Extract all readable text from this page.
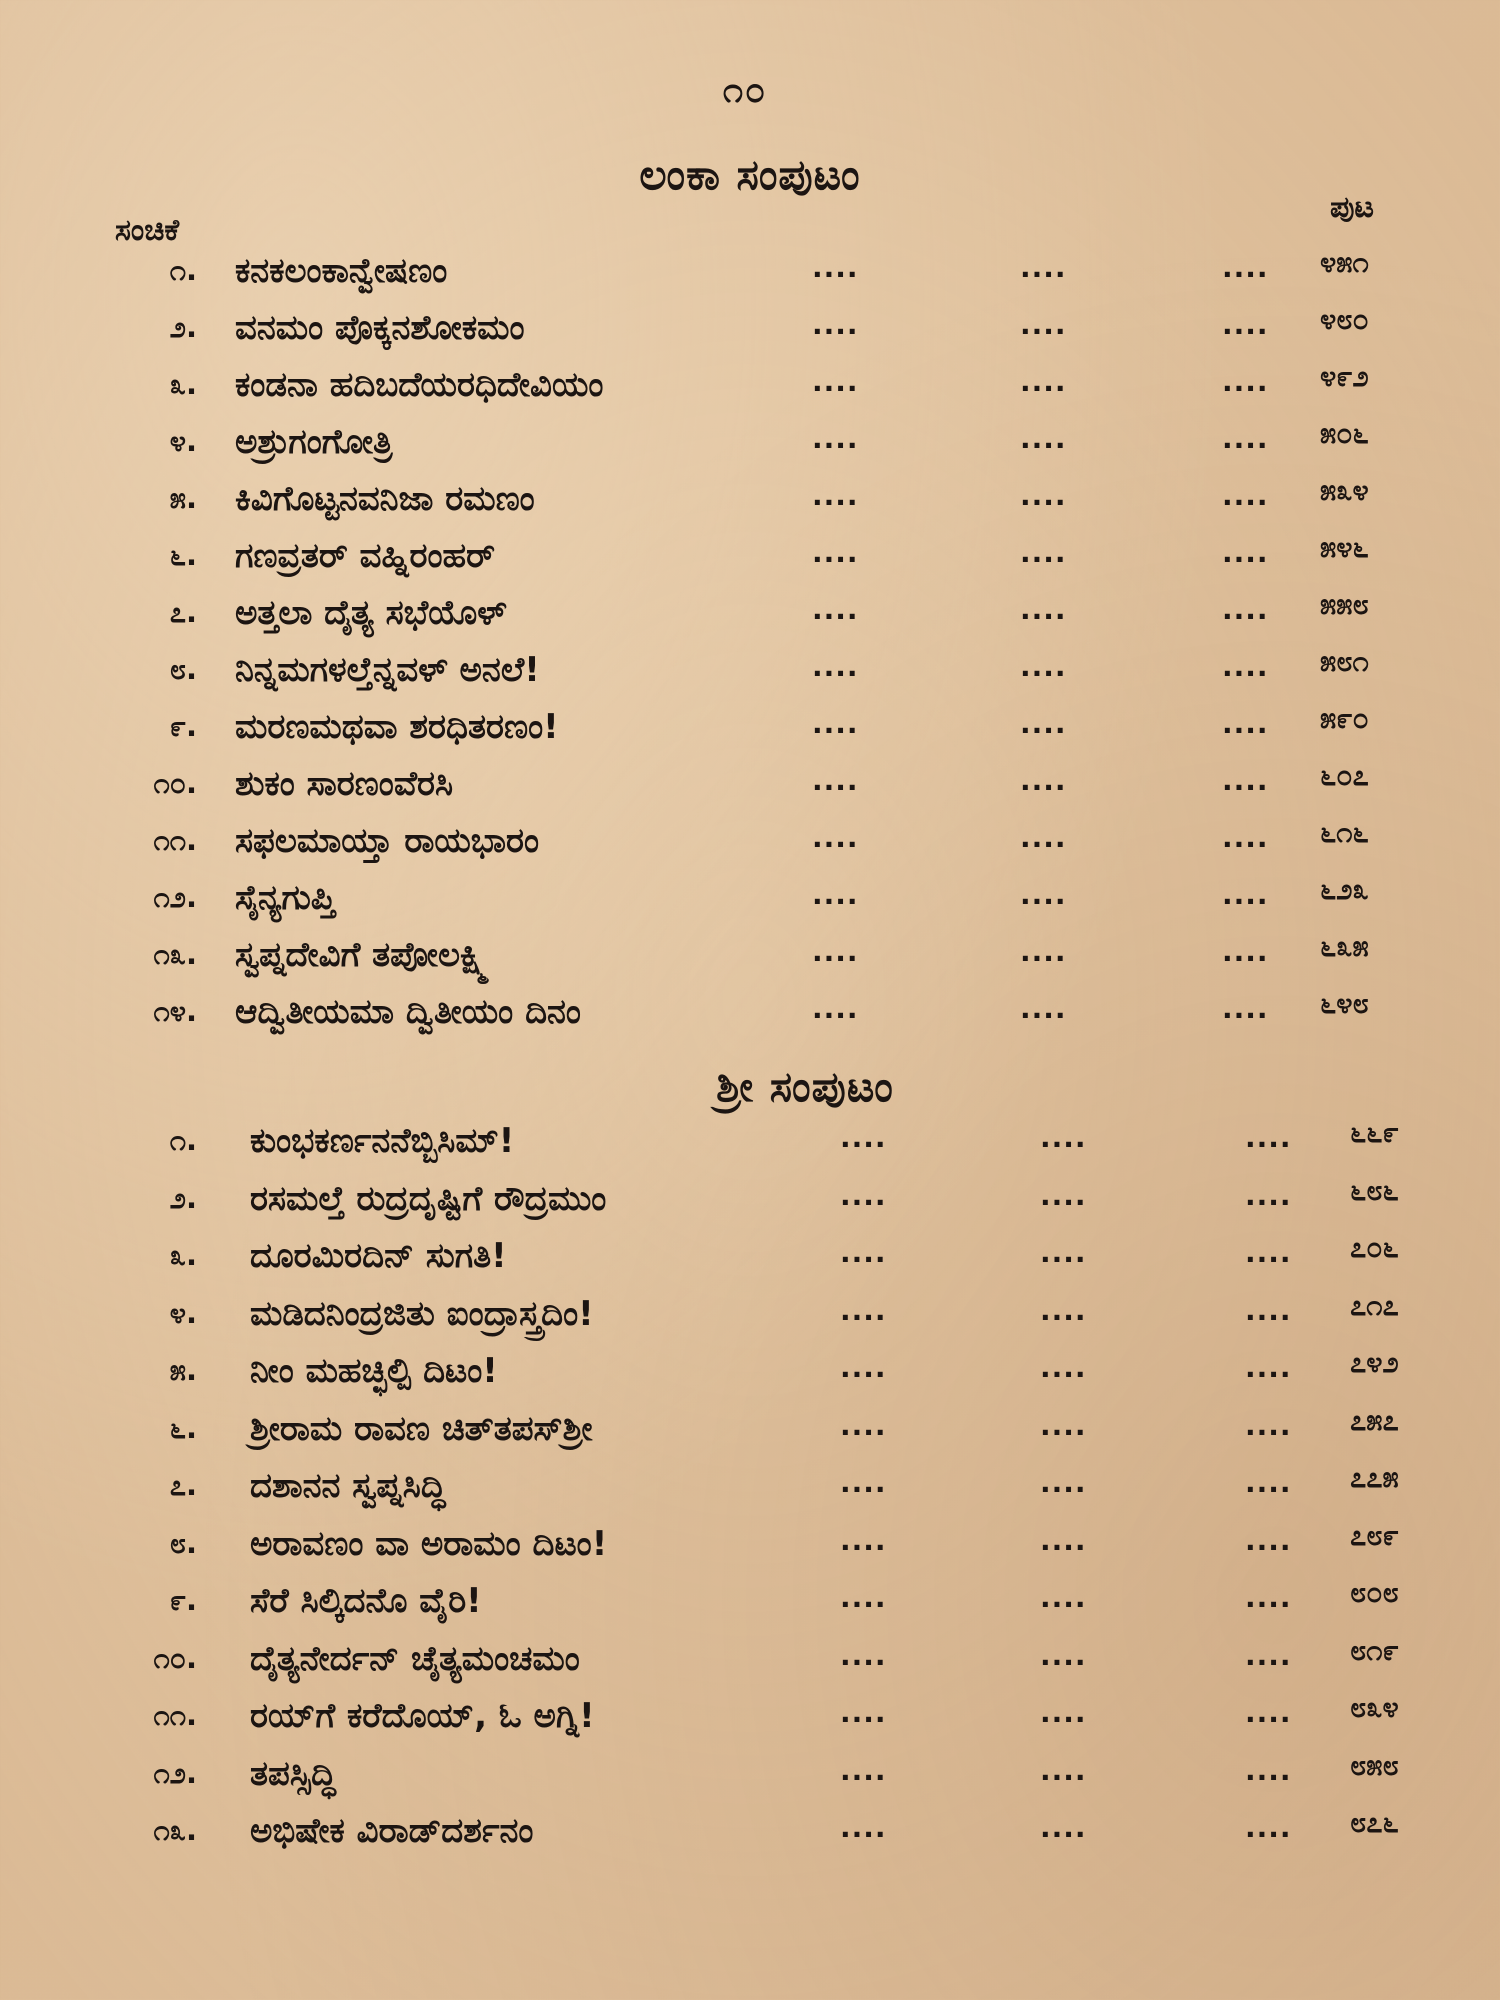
೧೦
ಲಂಕಾ ಸಂಪುಟಂ
ಪುಟ
ಸಂಚಿಕೆ
೧. ಕನಕಲಂಕಾನ್ವೇಷಣಂ	....	....	.... ೪೫೧
೨. ವನಮಂ ಪೊಕ್ಕನಶೋಕಮಂ	....	....	.... ೪೮೦
೩. ಕಂಡನಾ ಹದಿಬದೆಯರಧಿದೇವಿಯಂ	....	....	.... ೪೯೨
೪. ಅಶ್ರುಗಂಗೋತ್ರಿ	....	....	.... ೫೦೬
೫. ಕಿವಿಗೊಟ್ಟನವನಿಜಾ ರಮಣಂ	....	....	.... ೫೩೪
೬. ಗಣವ್ರತರ್ ವಹ್ನಿರಂಹರ್	....	....	.... ೫೪೬
೭. ಅತ್ತಲಾ ದೈತ್ಯ ಸಭೆಯೊಳ್	....	....	.... ೫೫೮
೮. ನಿನ್ನಮಗಳಲ್ತೆನ್ನವಳ್ ಅನಲೆ!	....	....	.... ೫೮೧
೯. ಮರಣಮಥವಾ ಶರಧಿತರಣಂ!	....	....	.... ೫೯೦
೧೦. ಶುಕಂ ಸಾರಣಂವೆರಸಿ	....	....	.... ೬೦೭
೧೧. ಸಫಲಮಾಯ್ತಾ ರಾಯಭಾರಂ	....	....	.... ೬೧೬
೧೨. ಸೈನ್ಯಗುಪ್ತಿ	....	....	.... ೬೨೩
೧೩. ಸ್ವಪ್ನದೇವಿಗೆ ತಪೋಲಕ್ಷ್ಮಿ	....	....	.... ೬೩೫
೧೪. ಆದ್ವಿತೀಯಮಾ ದ್ವಿತೀಯಂ ದಿನಂ	....	....	.... ೬೪೮
ಶ್ರೀ ಸಂಪುಟಂ
೧. ಕುಂಭಕರ್ಣನನೆಬ್ಬಿಸಿಮ್!	....	....	.... ೬೬೯
೨. ರಸಮಲ್ತೆ ರುದ್ರದೃಷ್ಟಿಗೆ ರೌದ್ರಮುಂ	....	....	.... ೬೮೬
೩. ದೂರಮಿರದಿನ್ ಸುಗತಿ!	....	....	.... ೭೦೬
೪. ಮಡಿದನಿಂದ್ರಜಿತು ಐಂದ್ರಾಸ್ತ್ರದಿಂ!	....	....	.... ೭೧೭
೫. ನೀಂ ಮಹಚ್ಛಿಲ್ಪಿ ದಿಟಂ!	....	....	.... ೭೪೨
೬. ಶ್ರೀರಾಮ ರಾವಣ ಚಿತ್‌ತಪಸ್‌ಶ್ರೀ	....	....	.... ೭೫೭
೭. ದಶಾನನ ಸ್ವಪ್ನಸಿದ್ಧಿ	....	....	.... ೭೭೫
೮. ಅರಾವಣಂ ವಾ ಅರಾಮಂ ದಿಟಂ!	....	....	.... ೭೮೯
೯. ಸೆರೆ ಸಿಲ್ಕಿದನೊ ವೈರಿ!	....	....	.... ೮೦೮
೧೦. ದೈತ್ಯನೇರ್ದನ್ ಚೈತ್ಯಮಂಚಮಂ	....	....	.... ೮೧೯
೧೧. ರಯ್‌ಗೆ ಕರೆದೊಯ್, ಓ ಅಗ್ನಿ!	....	....	.... ೮೩೪
೧೨. ತಪಸ್ಸಿದ್ಧಿ	....	....	.... ೮೫೮
೧೩. ಅಭಿಷೇಕ ವಿರಾಡ್‌ದರ್ಶನಂ	....	....	.... ೮೭೬
